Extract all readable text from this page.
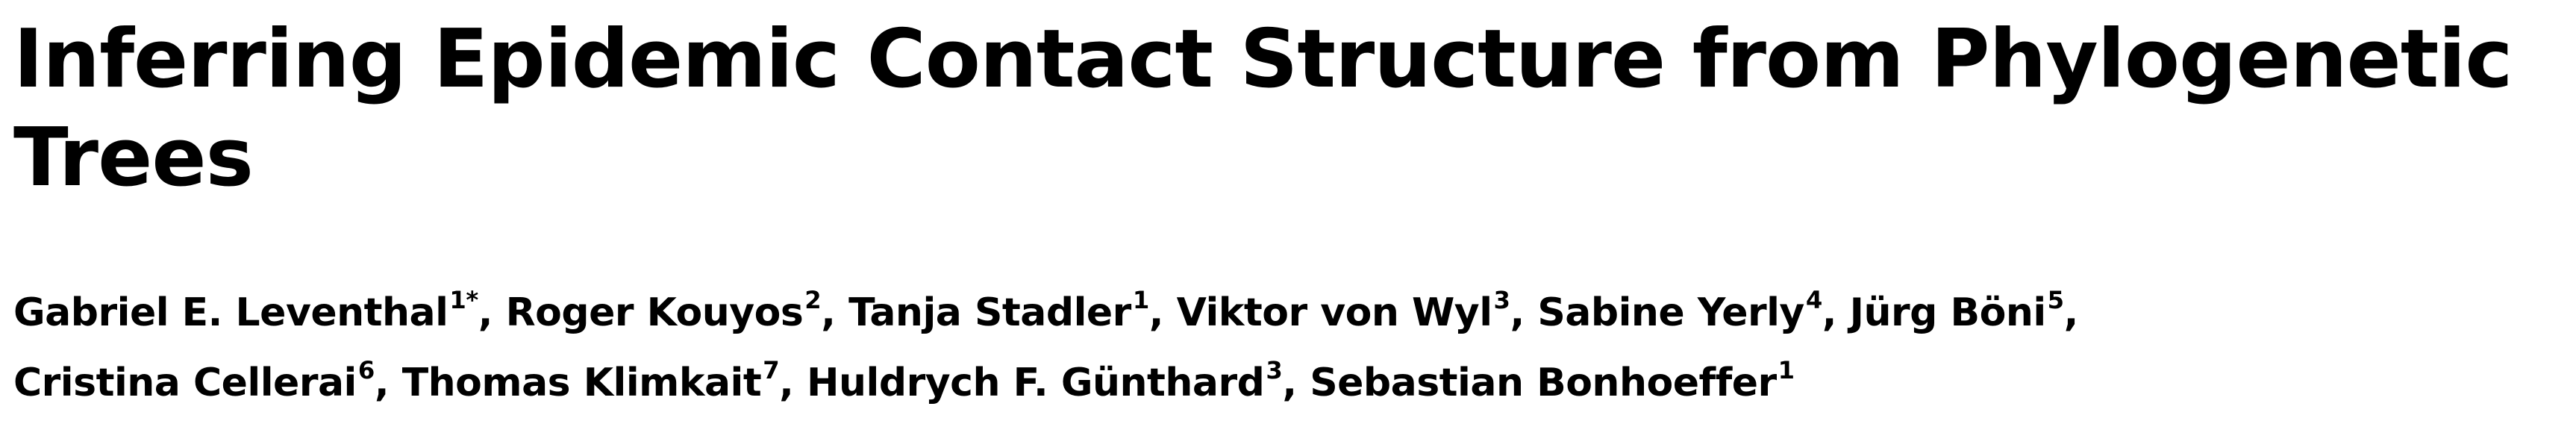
Inferring Epidemic Contact Structure from Phylogenetic
Trees
Gabriel E. Leventhal$^{1*}$, Roger Kouyos$^2$, Tanja Stadler$^1$, Viktor von Wyl$^3$, Sabine Yerly$^4$, Jürg Böni$^5$,
Cristina Cellerai$^6$, Thomas Klimkait$^7$, Huldrych F. Günthard$^3$, Sebastian Bonhoeffer$^1$
